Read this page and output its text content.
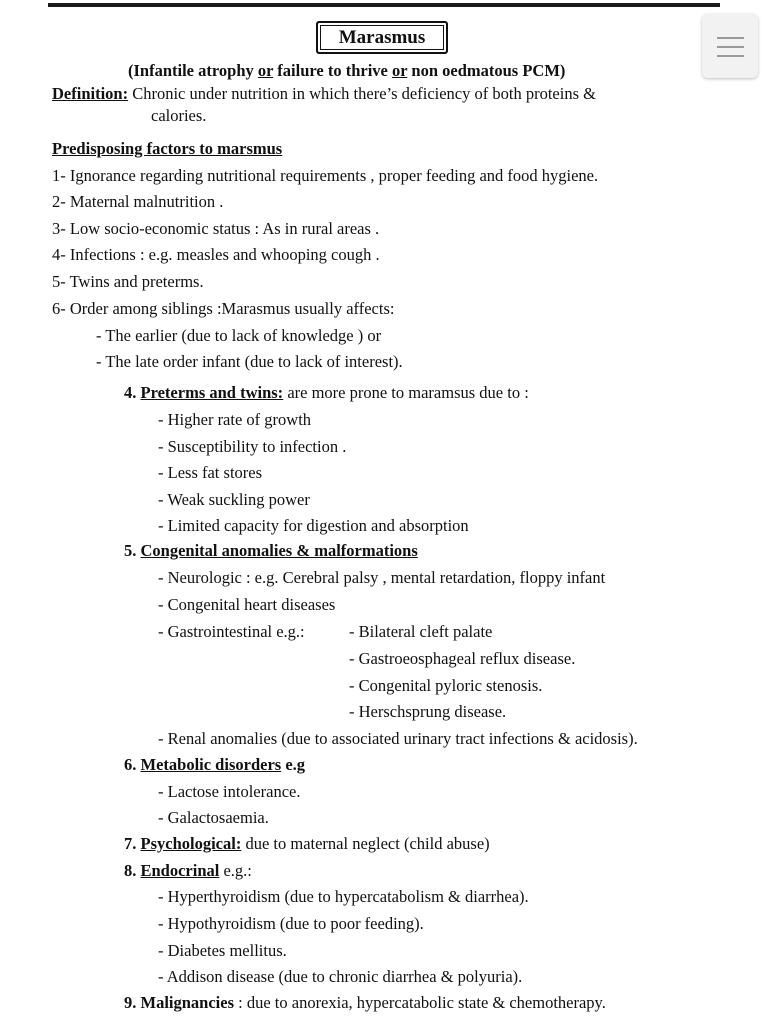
Marasmus
(Infantile atrophy or failure to thrive or non oedmatous PCM)
Definition: Chronic under nutrition in which there’s deficiency of both proteins &
calories.
Predisposing factors to marsmus
1- Ignorance regarding nutritional requirements , proper feeding and food hygiene.
2- Maternal malnutrition .
3- Low socio-economic status : As in rural areas .
4- Infections : e.g. measles and whooping cough .
5- Twins and preterms.
6- Order among siblings :Marasmus usually affects:
- The earlier (due to lack of knowledge ) or
- The late order infant (due to lack of interest).
4. Preterms and twins: are more prone to maramsus due to :
- Higher rate of growth
- Susceptibility to infection .
- Less fat stores
- Weak suckling power
- Limited capacity for digestion and absorption
5. Congenital anomalies & malformations
- Neurologic : e.g. Cerebral palsy , mental retardation, floppy infant
- Congenital heart diseases
- Gastrointestinal e.g.:	- Bilateral cleft palate
- Gastroeosphageal reflux disease.
- Congenital pyloric stenosis.
- Herschsprung disease.
- Renal anomalies (due to associated urinary tract infections & acidosis).
6. Metabolic disorders e.g
- Lactose intolerance.
- Galactosaemia.
7. Psychological: due to maternal neglect (child abuse)
8. Endocrinal e.g.:
- Hyperthyroidism (due to hypercatabolism & diarrhea).
- Hypothyroidism (due to poor feeding).
- Diabetes mellitus.
- Addison disease (due to chronic diarrhea & polyuria).
9. Malignancies : due to anorexia, hypercatabolic state & chemotherapy.
